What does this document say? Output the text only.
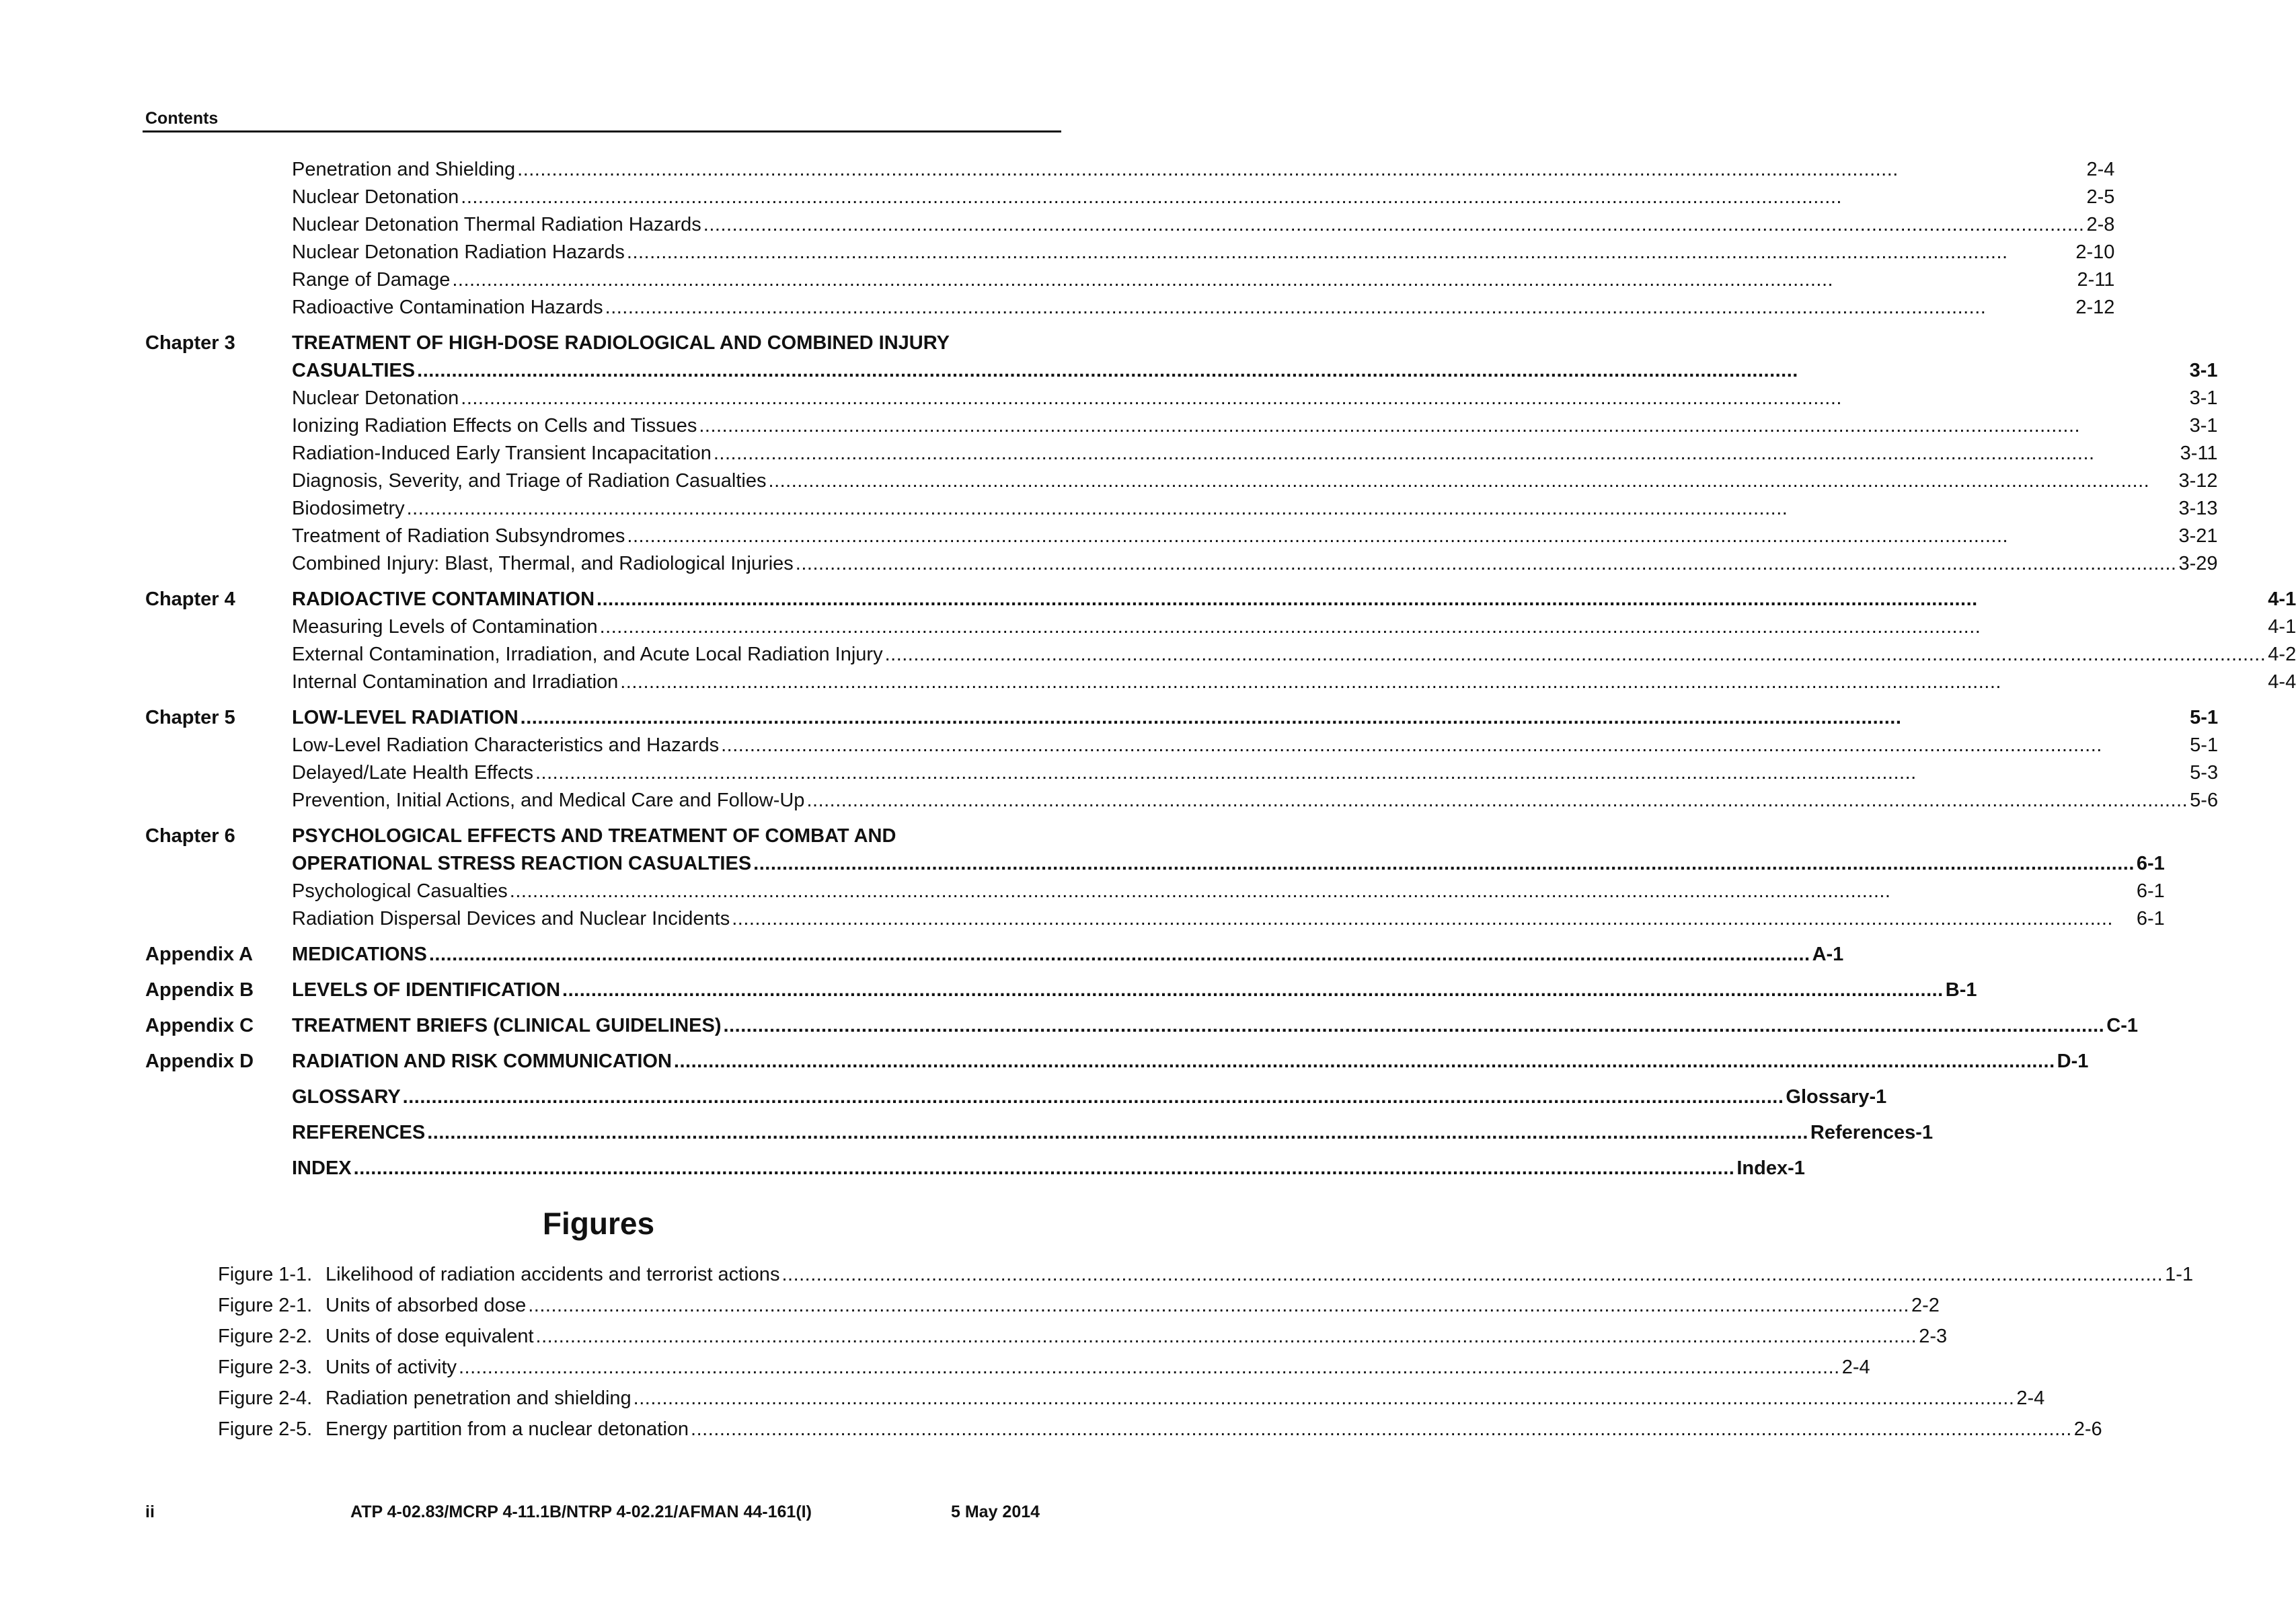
Contents
Penetration and Shielding .....	2-4
Nuclear Detonation .....	2-5
Nuclear Detonation Thermal Radiation Hazards .....	2-8
Nuclear Detonation Radiation Hazards .....	2-10
Range of Damage .....	2-11
Radioactive Contamination Hazards .....	2-12
Chapter 3	TREATMENT OF HIGH-DOSE RADIOLOGICAL AND COMBINED INJURY
CASUALTIES .....	3-1
Nuclear Detonation .....	3-1
Ionizing Radiation Effects on Cells and Tissues .....	3-1
Radiation-Induced Early Transient Incapacitation .....	3-11
Diagnosis, Severity, and Triage of Radiation Casualties .....	3-12
Biodosimetry .....	3-13
Treatment of Radiation Subsyndromes .....	3-21
Combined Injury: Blast, Thermal, and Radiological Injuries .....	3-29
Chapter 4	RADIOACTIVE CONTAMINATION .....	4-1
Measuring Levels of Contamination .....	4-1
External Contamination, Irradiation, and Acute Local Radiation Injury .....	4-2
Internal Contamination and Irradiation .....	4-4
Chapter 5	LOW-LEVEL RADIATION .....	5-1
Low-Level Radiation Characteristics and Hazards .....	5-1
Delayed/Late Health Effects .....	5-3
Prevention, Initial Actions, and Medical Care and Follow-Up .....	5-6
Chapter 6	PSYCHOLOGICAL EFFECTS AND TREATMENT OF COMBAT AND
OPERATIONAL STRESS REACTION CASUALTIES .....	6-1
Psychological Casualties .....	6-1
Radiation Dispersal Devices and Nuclear Incidents .....	6-1
Appendix A	MEDICATIONS .....	A-1
Appendix B	LEVELS OF IDENTIFICATION .....	B-1
Appendix C	TREATMENT BRIEFS (CLINICAL GUIDELINES) .....	C-1
Appendix D	RADIATION AND RISK COMMUNICATION .....	D-1
GLOSSARY .....	Glossary-1
REFERENCES .....	References-1
INDEX .....	Index-1
Figures
Figure 1-1. Likelihood of radiation accidents and terrorist actions .....	1-1
Figure 2-1. Units of absorbed dose .....	2-2
Figure 2-2. Units of dose equivalent .....	2-3
Figure 2-3. Units of activity .....	2-4
Figure 2-4. Radiation penetration and shielding .....	2-4
Figure 2-5. Energy partition from a nuclear detonation .....	2-6
ii	ATP 4-02.83/MCRP 4-11.1B/NTRP 4-02.21/AFMAN 44-161(I)	5 May 2014
